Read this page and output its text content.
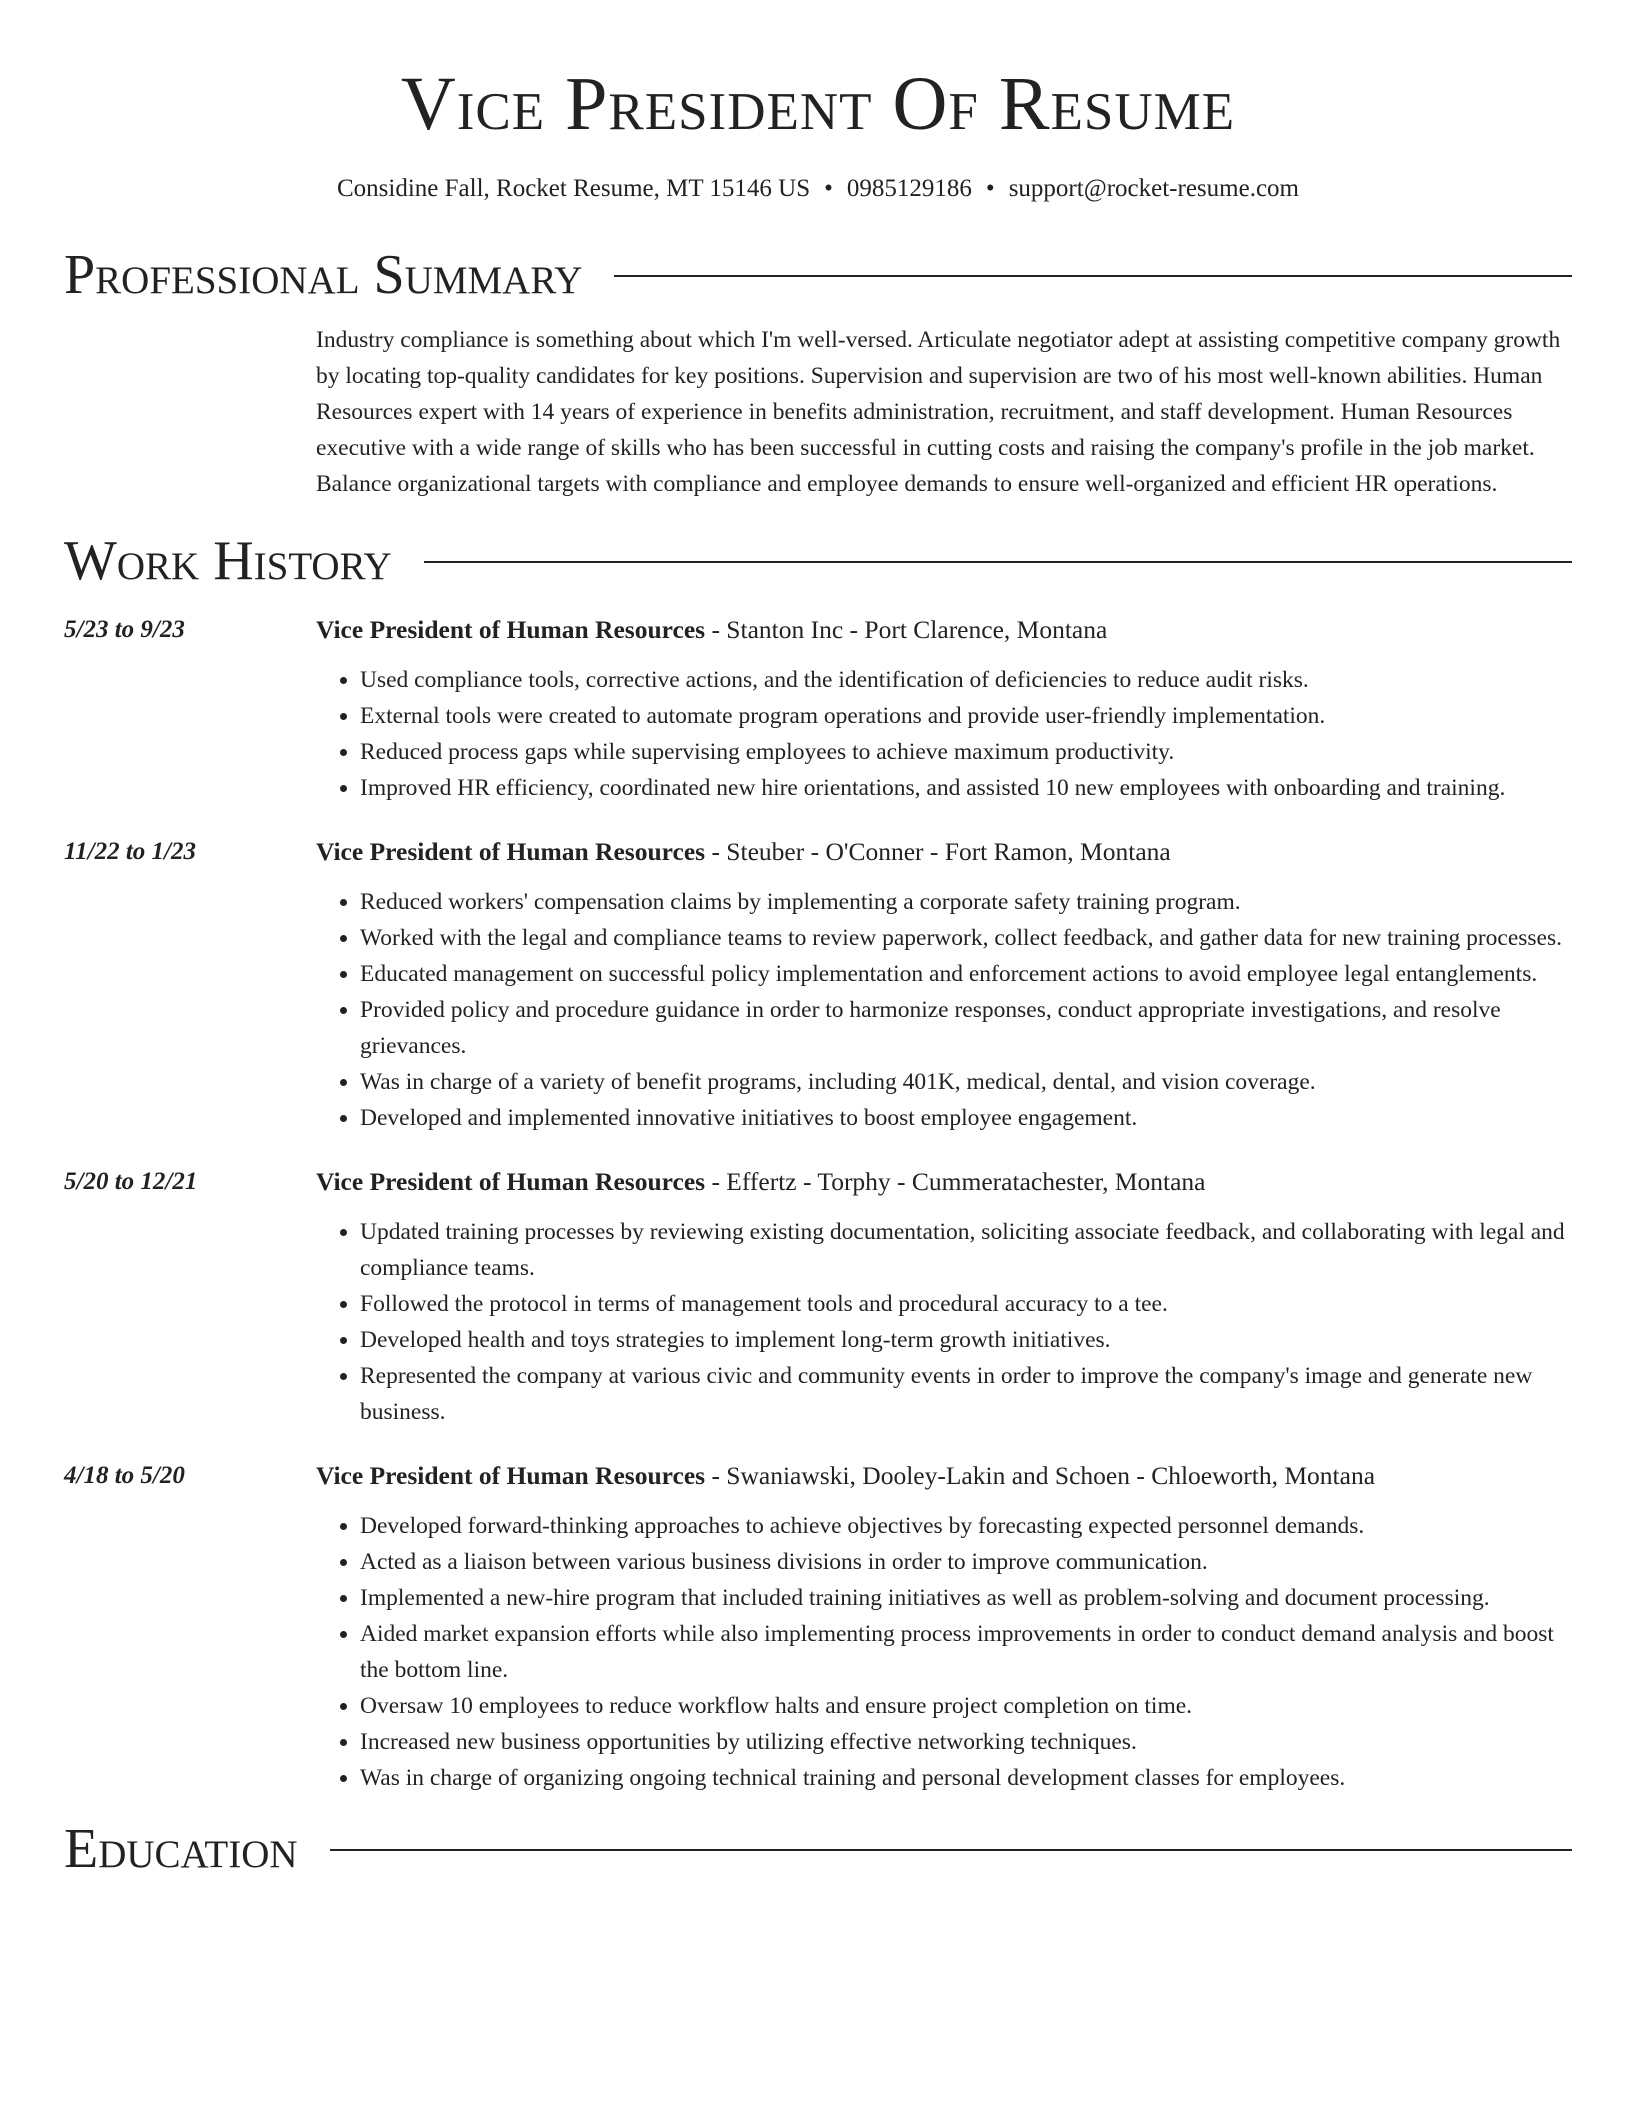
Vice President Of Resume
Considine Fall, Rocket Resume, MT 15146 US • 0985129186 • support@rocket-resume.com
Professional Summary
Industry compliance is something about which I'm well-versed. Articulate negotiator adept at assisting competitive company growth by locating top-quality candidates for key positions. Supervision and supervision are two of his most well-known abilities. Human Resources expert with 14 years of experience in benefits administration, recruitment, and staff development. Human Resources executive with a wide range of skills who has been successful in cutting costs and raising the company's profile in the job market. Balance organizational targets with compliance and employee demands to ensure well-organized and efficient HR operations.
Work History
5/23 to 9/23	Vice President of Human Resources - Stanton Inc - Port Clarence, Montana
• Used compliance tools, corrective actions, and the identification of deficiencies to reduce audit risks.
• External tools were created to automate program operations and provide user-friendly implementation.
• Reduced process gaps while supervising employees to achieve maximum productivity.
• Improved HR efficiency, coordinated new hire orientations, and assisted 10 new employees with onboarding and training.
11/22 to 1/23	Vice President of Human Resources - Steuber - O'Conner - Fort Ramon, Montana
• Reduced workers' compensation claims by implementing a corporate safety training program.
• Worked with the legal and compliance teams to review paperwork, collect feedback, and gather data for new training processes.
• Educated management on successful policy implementation and enforcement actions to avoid employee legal entanglements.
• Provided policy and procedure guidance in order to harmonize responses, conduct appropriate investigations, and resolve grievances.
• Was in charge of a variety of benefit programs, including 401K, medical, dental, and vision coverage.
• Developed and implemented innovative initiatives to boost employee engagement.
5/20 to 12/21	Vice President of Human Resources - Effertz - Torphy - Cummeratachester, Montana
• Updated training processes by reviewing existing documentation, soliciting associate feedback, and collaborating with legal and compliance teams.
• Followed the protocol in terms of management tools and procedural accuracy to a tee.
• Developed health and toys strategies to implement long-term growth initiatives.
• Represented the company at various civic and community events in order to improve the company's image and generate new business.
4/18 to 5/20	Vice President of Human Resources - Swaniawski, Dooley-Lakin and Schoen - Chloeworth, Montana
• Developed forward-thinking approaches to achieve objectives by forecasting expected personnel demands.
• Acted as a liaison between various business divisions in order to improve communication.
• Implemented a new-hire program that included training initiatives as well as problem-solving and document processing.
• Aided market expansion efforts while also implementing process improvements in order to conduct demand analysis and boost the bottom line.
• Oversaw 10 employees to reduce workflow halts and ensure project completion on time.
• Increased new business opportunities by utilizing effective networking techniques.
• Was in charge of organizing ongoing technical training and personal development classes for employees.
Education
